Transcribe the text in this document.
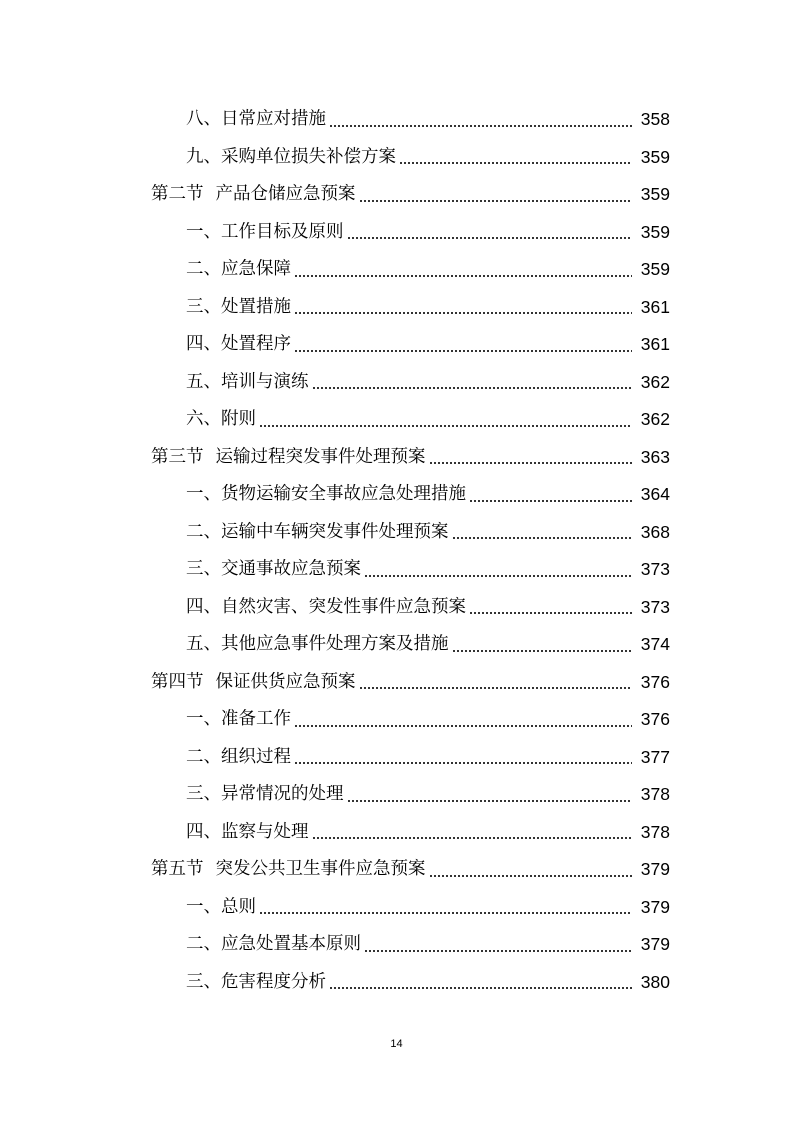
八、日常应对措施	358
九、采购单位损失补偿方案	359
第二节 产品仓储应急预案	359
一、工作目标及原则	359
二、应急保障	359
三、处置措施	361
四、处置程序	361
五、培训与演练	362
六、附则	362
第三节 运输过程突发事件处理预案	363
一、货物运输安全事故应急处理措施	364
二、运输中车辆突发事件处理预案	368
三、交通事故应急预案	373
四、自然灾害、突发性事件应急预案	373
五、其他应急事件处理方案及措施	374
第四节 保证供货应急预案	376
一、准备工作	376
二、组织过程	377
三、异常情况的处理	378
四、监察与处理	378
第五节 突发公共卫生事件应急预案	379
一、总则	379
二、应急处置基本原则	379
三、危害程度分析	380
14
